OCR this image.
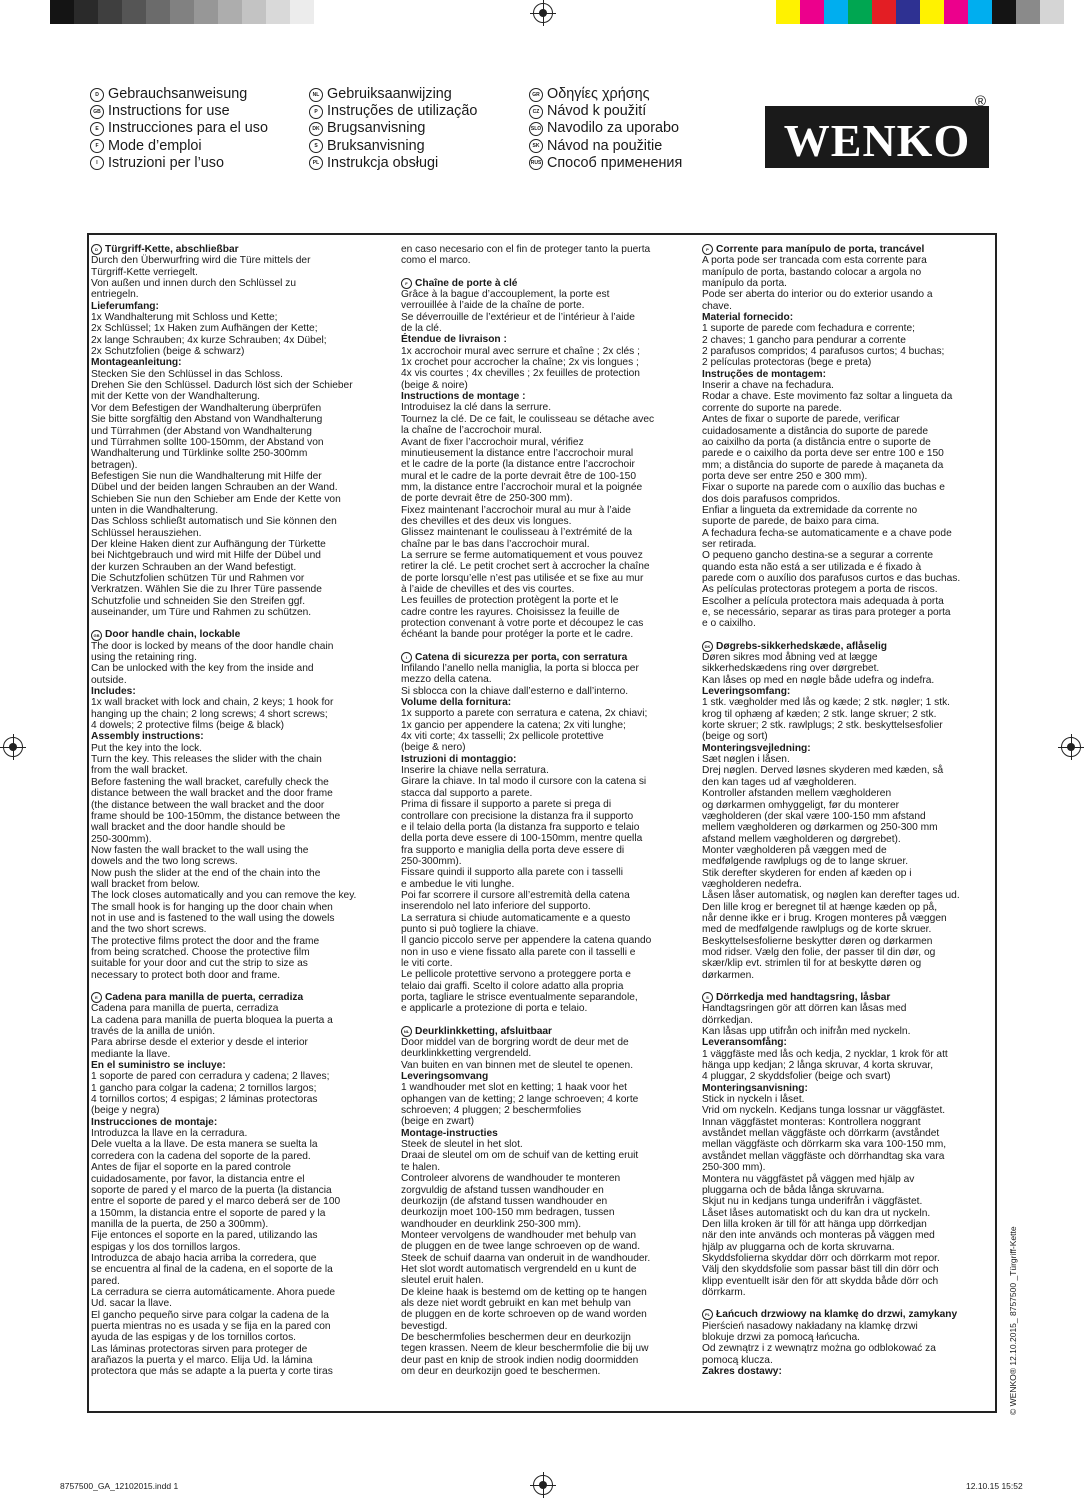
D Gebrauchsanweisung
GB Instructions for use
E Instrucciones para el uso
F Mode d’emploi
I Istruzioni per l’uso
NL Gebruiksaanwijzing
P Instruções de utilização
DK Brugsanvisning
S Bruksanvisning
PL Instrukcja obsługi
GR Οδηγίες χρήσης
CZ Návod k použití
SLO Navodilo za uporabo
SK Návod na použitie
RUS Способ применения WENKO
®
D Türgriff-Kette, abschließbar
Durch den Überwurfring wird die Türe mittels der
Türgriff-Kette verriegelt.
Von außen und innen durch den Schlüssel zu
entriegeln.
Lieferumfang:
1x Wandhalterung mit Schloss und Kette;
2x Schlüssel; 1x Haken zum Aufhängen der Kette;
2x lange Schrauben; 4x kurze Schrauben; 4x Dübel;
2x Schutzfolien (beige & schwarz)
Montageanleitung:
Stecken Sie den Schlüssel in das Schloss.
Drehen Sie den Schlüssel. Dadurch löst sich der Schieber
mit der Kette von der Wandhalterung.
Vor dem Befestigen der Wandhalterung überprüfen
Sie bitte sorgfältig den Abstand von Wandhalterung
und Türrahmen (der Abstand von Wandhalterung
und Türrahmen sollte 100-150mm, der Abstand von
Wandhalterung und Türklinke sollte 250-300mm
betragen).
Befestigen Sie nun die Wandhalterung mit Hilfe der
Dübel und der beiden langen Schrauben an der Wand.
Schieben Sie nun den Schieber am Ende der Kette von
unten in die Wandhalterung.
Das Schloss schließt automatisch und Sie können den
Schlüssel herausziehen.
Der kleine Haken dient zur Aufhängung der Türkette
bei Nichtgebrauch und wird mit Hilfe der Dübel und
der kurzen Schrauben an der Wand befestigt.
Die Schutzfolien schützen Tür und Rahmen vor
Verkratzen. Wählen Sie die zu Ihrer Türe passende
Schutzfolie und schneiden Sie den Streifen ggf.
auseinander, um Türe und Rahmen zu schützen.
GB Door handle chain, lockable
The door is locked by means of the door handle chain
using the retaining ring.
Can be unlocked with the key from the inside and
outside.
Includes:
1x wall bracket with lock and chain, 2 keys; 1 hook for
hanging up the chain; 2 long screws; 4 short screws;
4 dowels; 2 protective films (beige & black)
Assembly instructions:
Put the key into the lock.
Turn the key. This releases the slider with the chain
from the wall bracket.
Before fastening the wall bracket, carefully check the
distance between the wall bracket and the door frame
(the distance between the wall bracket and the door
frame should be 100-150mm, the distance between the
wall bracket and the door handle should be
250-300mm).
Now fasten the wall bracket to the wall using the
dowels and the two long screws.
Now push the slider at the end of the chain into the
wall bracket from below.
The lock closes automatically and you can remove the key.
The small hook is for hanging up the door chain when
not in use and is fastened to the wall using the dowels
and the two short screws.
The protective films protect the door and the frame
from being scratched. Choose the protective film
suitable for your door and cut the strip to size as
necessary to protect both door and frame.
E Cadena para manilla de puerta, cerradiza
Cadena para manilla de puerta, cerradiza
La cadena para manilla de puerta bloquea la puerta a
través de la anilla de unión.
Para abrirse desde el exterior y desde el interior
mediante la llave.
En el suministro se incluye:
1 soporte de pared con cerradura y cadena; 2 llaves;
1 gancho para colgar la cadena; 2 tornillos largos;
4 tornillos cortos; 4 espigas; 2 láminas protectoras
(beige y negra)
Instrucciones de montaje:
Introduzca la llave en la cerradura.
Dele vuelta a la llave. De esta manera se suelta la
corredera con la cadena del soporte de la pared.
Antes de fijar el soporte en la pared controle
cuidadosamente, por favor, la distancia entre el
soporte de pared y el marco de la puerta (la distancia
entre el soporte de pared y el marco deberá ser de 100
a 150mm, la distancia entre el soporte de pared y la
manilla de la puerta, de 250 a 300mm).
Fije entonces el soporte en la pared, utilizando las
espigas y los dos tornillos largos.
Introduzca de abajo hacia arriba la corredera, que
se encuentra al final de la cadena, en el soporte de la
pared.
La cerradura se cierra automáticamente. Ahora puede
Ud. sacar la llave.
El gancho pequeño sirve para colgar la cadena de la
puerta mientras no es usada y se fija en la pared con
ayuda de las espigas y de los tornillos cortos.
Las láminas protectoras sirven para proteger de
arañazos la puerta y el marco. Elija Ud. la lámina
protectora que más se adapte a la puerta y corte tiras
en caso necesario con el fin de proteger tanto la puerta
como el marco.
F Chaîne de porte à clé
Grâce à la bague d’accouplement, la porte est
verrouillée à l’aide de la chaîne de porte.
Se déverrouille de l’extérieur et de l’intérieur à l’aide
de la clé.
Étendue de livraison :
1x accrochoir mural avec serrure et chaîne ; 2x clés ;
1x crochet pour accrocher la chaîne; 2x vis longues ;
4x vis courtes ; 4x chevilles ; 2x feuilles de protection
(beige & noire)
Instructions de montage :
Introduisez la clé dans la serrure.
Tournez la clé. De ce fait, le coulisseau se détache avec
la chaîne de l’accrochoir mural.
Avant de fixer l’accrochoir mural, vérifiez
minutieusement la distance entre l’accrochoir mural
et le cadre de la porte (la distance entre l’accrochoir
mural et le cadre de la porte devrait être de 100-150
mm, la distance entre l’accrochoir mural et la poignée
de porte devrait être de 250-300 mm).
Fixez maintenant l’accrochoir mural au mur à l’aide
des chevilles et des deux vis longues.
Glissez maintenant le coulisseau à l’extrémité de la
chaîne par le bas dans l’accrochoir mural.
La serrure se ferme automatiquement et vous pouvez
retirer la clé. Le petit crochet sert à accrocher la chaîne
de porte lorsqu’elle n’est pas utilisée et se fixe au mur
à l’aide de chevilles et des vis courtes.
Les feuilles de protection protègent la porte et le
cadre contre les rayures. Choisissez la feuille de
protection convenant à votre porte et découpez le cas
échéant la bande pour protéger la porte et le cadre.
I Catena di sicurezza per porta, con serratura
Infilando l’anello nella maniglia, la porta si blocca per
mezzo della catena.
Si sblocca con la chiave dall’esterno e dall’interno.
Volume della fornitura:
1x supporto a parete con serratura e catena, 2x chiavi;
1x gancio per appendere la catena; 2x viti lunghe;
4x viti corte; 4x tasselli; 2x pellicole protettive
(beige & nero)
Istruzioni di montaggio:
Inserire la chiave nella serratura.
Girare la chiave. In tal modo il cursore con la catena si
stacca dal supporto a parete.
Prima di fissare il supporto a parete si prega di
controllare con precisione la distanza fra il supporto
e il telaio della porta (la distanza fra supporto e telaio
della porta deve essere di 100-150mm, mentre quella
fra supporto e maniglia della porta deve essere di
250-300mm).
Fissare quindi il supporto alla parete con i tasselli
e ambedue le viti lunghe.
Poi far scorrere il cursore all’estremità della catena
inserendolo nel lato inferiore del supporto.
La serratura si chiude automaticamente e a questo
punto si può togliere la chiave.
Il gancio piccolo serve per appendere la catena quando
non in uso e viene fissato alla parete con il tasselli e
le viti corte.
Le pellicole protettive servono a proteggere porta e
telaio dai graffi. Scelto il colore adatto alla propria
porta, tagliare le strisce eventualmente separandole,
e applicarle a protezione di porta e telaio.
NL Deurklinkketting, afsluitbaar
Door middel van de borgring wordt de deur met de
deurklinkketting vergrendeld.
Van buiten en van binnen met de sleutel te openen.
Leveringsomvang
1 wandhouder met slot en ketting; 1 haak voor het
ophangen van de ketting; 2 lange schroeven; 4 korte
schroeven; 4 pluggen; 2 beschermfolies
(beige en zwart)
Montage-instructies
Steek de sleutel in het slot.
Draai de sleutel om om de schuif van de ketting eruit
te halen.
Controleer alvorens de wandhouder te monteren
zorgvuldig de afstand tussen wandhouder en
deurkozijn (de afstand tussen wandhouder en
deurkozijn moet 100-150 mm bedragen, tussen
wandhouder en deurklink 250-300 mm).
Monteer vervolgens de wandhouder met behulp van
de pluggen en de twee lange schroeven op de wand.
Steek de schuif daarna van onderuit in de wandhouder.
Het slot wordt automatisch vergrendeld en u kunt de
sleutel eruit halen.
De kleine haak is bestemd om de ketting op te hangen
als deze niet wordt gebruikt en kan met behulp van
de pluggen en de korte schroeven op de wand worden
bevestigd.
De beschermfolies beschermen deur en deurkozijn
tegen krassen. Neem de kleur beschermfolie die bij uw
deur past en knip de strook indien nodig doormidden
om deur en deurkozijn goed te beschermen.
P Corrente para manípulo de porta, trancável
A porta pode ser trancada com esta corrente para
manípulo de porta, bastando colocar a argola no
manípulo da porta.
Pode ser aberta do interior ou do exterior usando a
chave.
Material fornecido:
1 suporte de parede com fechadura e corrente;
2 chaves; 1 gancho para pendurar a corrente
2 parafusos compridos; 4 parafusos curtos; 4 buchas;
2 películas protectoras (bege e preta)
Instruções de montagem:
Inserir a chave na fechadura.
Rodar a chave. Este movimento faz soltar a lingueta da
corrente do suporte na parede.
Antes de fixar o suporte de parede, verificar
cuidadosamente a distância do suporte de parede
ao caixilho da porta (a distância entre o suporte de
parede e o caixilho da porta deve ser entre 100 e 150
mm; a distância do suporte de parede à maçaneta da
porta deve ser entre 250 e 300 mm).
Fixar o suporte na parede com o auxílio das buchas e
dos dois parafusos compridos.
Enfiar a lingueta da extremidade da corrente no
suporte de parede, de baixo para cima.
A fechadura fecha-se automaticamente e a chave pode
ser retirada.
O pequeno gancho destina-se a segurar a corrente
quando esta não está a ser utilizada e é fixado à
parede com o auxílio dos parafusos curtos e das buchas.
As películas protectoras protegem a porta de riscos.
Escolher a película protectora mais adequada à porta
e, se necessário, separar as tiras para proteger a porta
e o caixilho.
DK Døgrebs-sikkerhedskæde, aflåselig
Døren sikres mod åbning ved at lægge
sikkerhedskædens ring over dørgrebet.
Kan låses op med en nøgle både udefra og indefra.
Leveringsomfang:
1 stk. vægholder med lås og kæde; 2 stk. nøgler; 1 stk.
krog til ophæng af kæden; 2 stk. lange skruer; 2 stk.
korte skruer; 2 stk. rawlplugs; 2 stk. beskyttelsesfolier
(beige og sort)
Monteringsvejledning:
Sæt nøglen i låsen.
Drej nøglen. Derved løsnes skyderen med kæden, så
den kan tages ud af vægholderen.
Kontroller afstanden mellem vægholderen
og dørkarmen omhyggeligt, før du monterer
vægholderen (der skal være 100-150 mm afstand
mellem vægholderen og dørkarmen og 250-300 mm
afstand mellem vægholderen og dørgrebet).
Monter vægholderen på væggen med de
medfølgende rawlplugs og de to lange skruer.
Stik derefter skyderen for enden af kæden op i
vægholderen nedefra.
Låsen låser automatisk, og nøglen kan derefter tages ud.
Den lille krog er beregnet til at hænge kæden op på,
når denne ikke er i brug. Krogen monteres på væggen
med de medfølgende rawlplugs og de korte skruer.
Beskyttelsesfolierne beskytter døren og dørkarmen
mod ridser. Vælg den folie, der passer til din dør, og
skær/klip evt. strimlen til for at beskytte døren og
dørkarmen.
S Dörrkedja med handtagsring, låsbar
Handtagsringen gör att dörren kan låsas med
dörrkedjan.
Kan låsas upp utifrån och inifrån med nyckeln.
Leveransomfång:
1 väggfäste med lås och kedja, 2 nycklar, 1 krok för att
hänga upp kedjan; 2 långa skruvar, 4 korta skruvar,
4 pluggar, 2 skyddsfolier (beige och svart)
Monteringsanvisning:
Stick in nyckeln i låset.
Vrid om nyckeln. Kedjans tunga lossnar ur väggfästet.
Innan väggfästet monteras: Kontrollera noggrant
avståndet mellan väggfäste och dörrkarm (avståndet
mellan väggfäste och dörrkarm ska vara 100-150 mm,
avståndet mellan väggfäste och dörrhandtag ska vara
250-300 mm).
Montera nu väggfästet på väggen med hjälp av
pluggarna och de båda långa skruvarna.
Skjut nu in kedjans tunga underifrån i väggfästet.
Låset låses automatiskt och du kan dra ut nyckeln.
Den lilla kroken är till för att hänga upp dörrkedjan
när den inte används och monteras på väggen med
hjälp av pluggarna och de korta skruvarna.
Skyddsfolierna skyddar dörr och dörrkarm mot repor.
Välj den skyddsfolie som passar bäst till din dörr och
klipp eventuellt isär den för att skydda både dörr och
dörrkarm.
PL Łańcuch drzwiowy na klamkę do drzwi, zamykany
Pierścień nasadowy nakładany na klamkę drzwi
blokuje drzwi za pomocą łańcucha.
Od zewnątrz i z wewnątrz można go odblokować za
pomocą klucza.
Zakres dostawy:	© WENKO® 12.10.2015_ 8757500 _Türgriff-Kette
8757500_GA_12102015.indd 1	12.10.15 15:52
